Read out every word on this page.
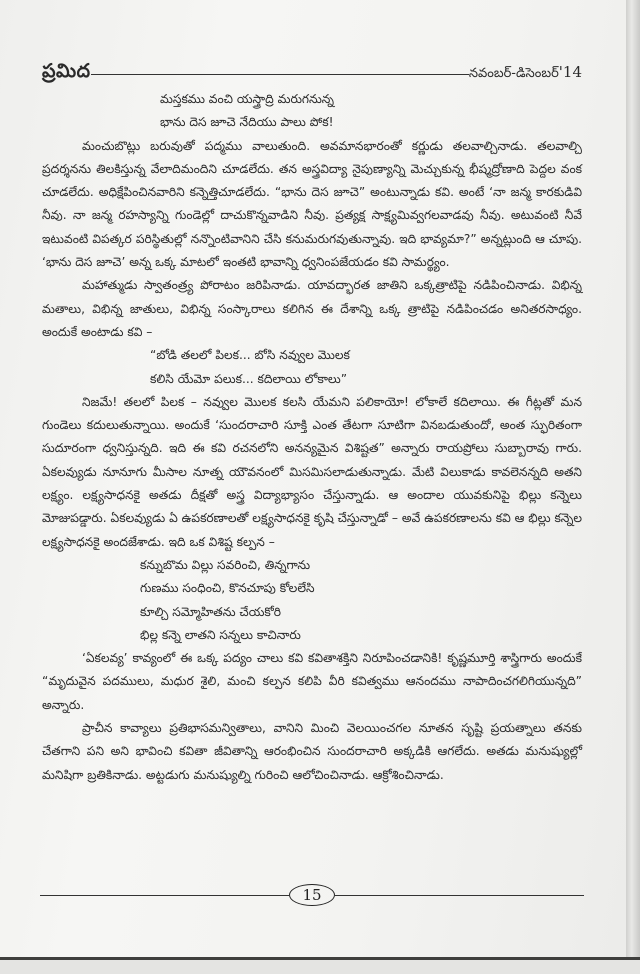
ప్రమిద	నవంబర్-డిసెంబర్'14
మస్తకము వంచి యస్త్రాద్రి మరుగనున్న
భాను దెస జూచె నేదియు పాలు పోక!

మంచుబొట్లు బరువుతో పద్మము వాలుతుంది. అవమానభారంతో కర్ణుడు తలవాల్చినాడు. తలవాల్చి ప్రదర్శనను తిలకిస్తున్న వేలాదిమందిని చూడలేదు. తన అస్త్రవిద్యా నైపుణ్యాన్ని మెచ్చుకున్న భీష్మద్రోణాది పెద్దల వంక చూడలేదు. అధిక్షేపించినవారిని కన్నెత్తిచూడలేదు. “భాను దెస జూచె” అంటున్నాడు కవి. అంటే ‘నా జన్మ కారకుడివి నీవు. నా జన్మ రహస్యాన్ని గుండెల్లో దాచుకొన్నవాడిని నీవు. ప్రత్యక్ష సాక్ష్యమివ్వగలవాడవు నీవు. అటువంటి నీవే ఇటువంటి విపత్కర పరిస్థితుల్లో నన్నొంటివానిని చేసి కనుమరుగవుతున్నావు. ఇది భావ్యమా?” అన్నట్లుంది ఆ చూపు. ‘భాను దెస జూచె’ అన్న ఒక్క మాటలో ఇంతటి భావాన్ని ధ్వనింపజేయడం కవి సామర్థ్యం.

మహాత్ముడు స్వాతంత్ర్య పోరాటం జరిపినాడు. యావద్భారత జాతిని ఒక్కత్రాటిపై నడిపించినాడు. విభిన్న మతాలు, విభిన్న జాతులు, విభిన్న సంస్కారాలు కలిగిన ఈ దేశాన్ని ఒక్క త్రాటిపై నడిపించడం అనితరసాధ్యం. అందుకే అంటాడు కవి –

“బోడి తలలో పిలక... బోసి నవ్వుల మొలక
కలిసి యేమో పలుక... కదిలాయి లోకాలు”

నిజమే! తలలో పిలక – నవ్వుల మొలక కలసి యేమని పలికాయో! లోకాలే కదిలాయి. ఈ గీట్లతో మన గుండెలు కదులుతున్నాయి. అందుకే ‘సుందరాచారి సూక్తి ఎంత తేటగా సూటిగా వినబడుతుందో, అంత స్ఫురితంగా సుదూరంగా ధ్వనిస్తున్నది. ఇది ఈ కవి రచనలోని అనన్యమైన విశిష్టత” అన్నారు రాయప్రోలు సుబ్బారావు గారు. ఏకలవ్యుడు నూనూగు మీసాల నూత్న యౌవనంలో మిసమిసలాడుతున్నాడు. మేటి విలుకాడు కావలెనన్నది అతని లక్ష్యం. లక్ష్యసాధనకై అతడు దీక్షతో అస్త్ర విద్యాభ్యాసం చేస్తున్నాడు. ఆ అందాల యువకునిపై భిల్లు కన్నెలు మోజుపడ్డారు. ఏకలవ్యుడు ఏ ఉపకరణాలతో లక్ష్యసాధనకై కృషి చేస్తున్నాడో – అవే ఉపకరణాలను కవి ఆ భిల్లు కన్నెల లక్ష్యసాధనకై అందజేశాడు. ఇది ఒక విశిష్ట కల్పన –

కన్నుబొమ విల్లు సవరించి, తిన్నగాను
గుణము సంధించి, కొనచూపు కోలలేసి
కూల్చి సమ్మోహితను చేయకోరి
భిల్ల కన్నె లాతని సన్నలు కాచినారు

‘ఏకలవ్య’ కావ్యంలో ఈ ఒక్క పద్యం చాలు కవి కవితాశక్తిని నిరూపించడానికి! కృష్ణమూర్తి శాస్త్రిగారు అందుకే “మృదువైన పదములు, మధుర శైలి, మంచి కల్పన కలిపి వీరి కవిత్వము ఆనందము నాపాదించగలిగియున్నది” అన్నారు.

ప్రాచీన కావ్యాలు ప్రతిభాసమన్వితాలు, వానిని మించి వెలయించగల నూతన సృష్టి ప్రయత్నాలు తనకు చేతగాని పని అని భావించి కవితా జీవితాన్ని ఆరంభించిన సుందరాచారి అక్కడికి ఆగలేదు. అతడు మనుష్యుల్లో మనిషిగా బ్రతికినాడు. అట్టడుగు మనుష్యుల్ని గురించి ఆలోచించినాడు. ఆక్రోశించినాడు.

15
